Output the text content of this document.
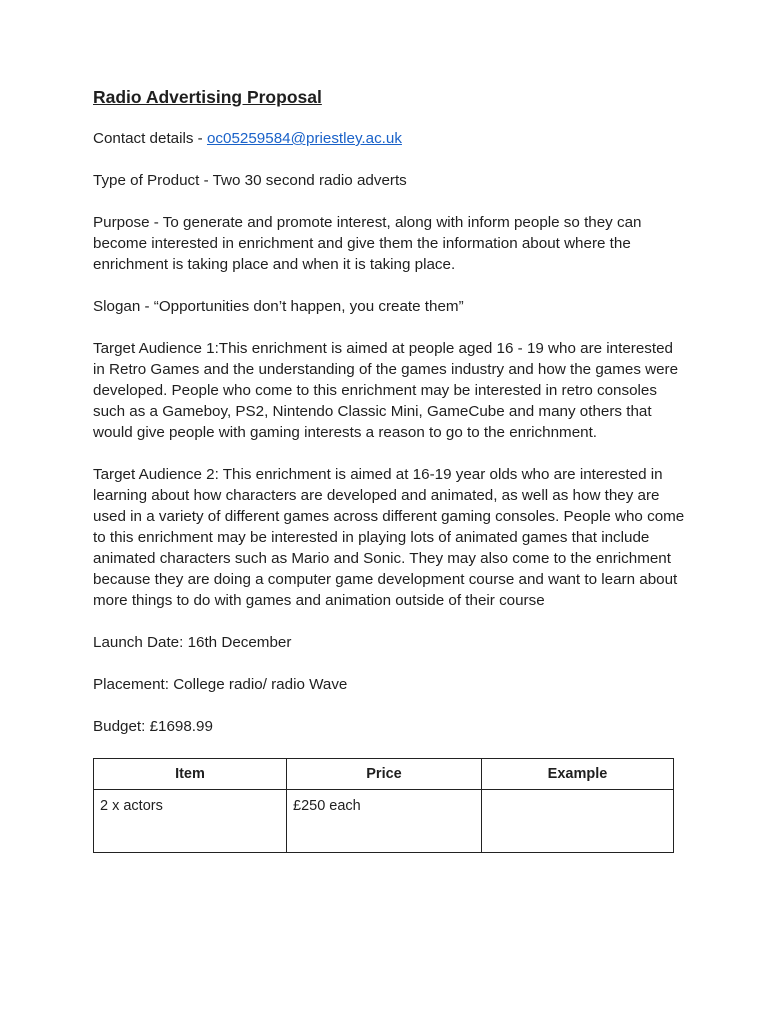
Radio Advertising Proposal
Contact details - oc05259584@priestley.ac.uk
Type of Product - Two 30 second radio adverts
Purpose - To generate and promote interest, along with inform people so they can become interested in enrichment and give them the information about where the enrichment is taking place and when it is taking place.
Slogan - “Opportunities don’t happen, you create them”
Target Audience 1:This enrichment is aimed at people aged 16 - 19 who are interested in Retro Games and the understanding of the games industry and how the games were developed. People who come to this enrichment may be interested in retro consoles such as a Gameboy, PS2, Nintendo Classic Mini, GameCube and many others that would give people with gaming interests a reason to go to the enrichnment.
Target Audience 2: This enrichment is aimed at 16-19 year olds who are interested in learning about how characters are developed and animated, as well as how they are used in a variety of different games across different gaming consoles. People who come to this enrichment may be interested in playing lots of animated games that include animated characters such as Mario and Sonic. They may also come to the enrichment because they are doing a computer game development course and want to learn about more things to do with games and animation outside of their course
Launch Date: 16th December
Placement: College radio/ radio Wave
Budget: £1698.99
Item	Price	Example
2 x actors	£250 each	
